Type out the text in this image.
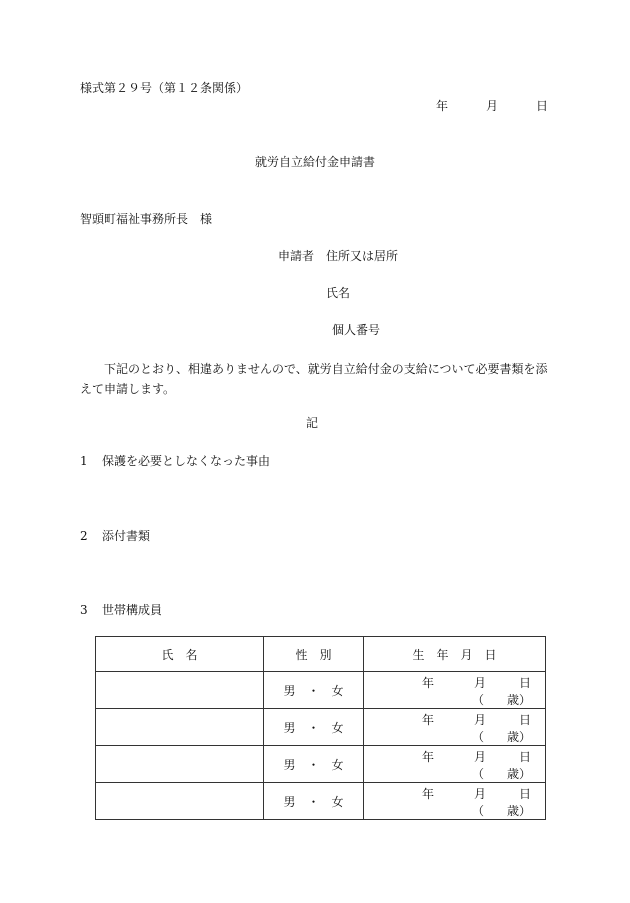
様式第２９号（第１２条関係）
年	月	日
就労自立給付金申請書
智頭町福祉事務所長　様
申請者　住所又は居所
氏名
個人番号

下記のとおり、相違ありませんので、就労自立給付金の支給について必要書類を添えて申請します。

記
1 保護を必要としなくなった事由
2 添付書類
3 世帯構成員
氏　名	性　別	生　年　月　日
	男　・　女	年 月 日
（ 歳）

	男　・　女	年 月 日
（ 歳）

	男　・　女	年 月 日
（ 歳）

	男　・　女	年 月 日
（ 歳）
